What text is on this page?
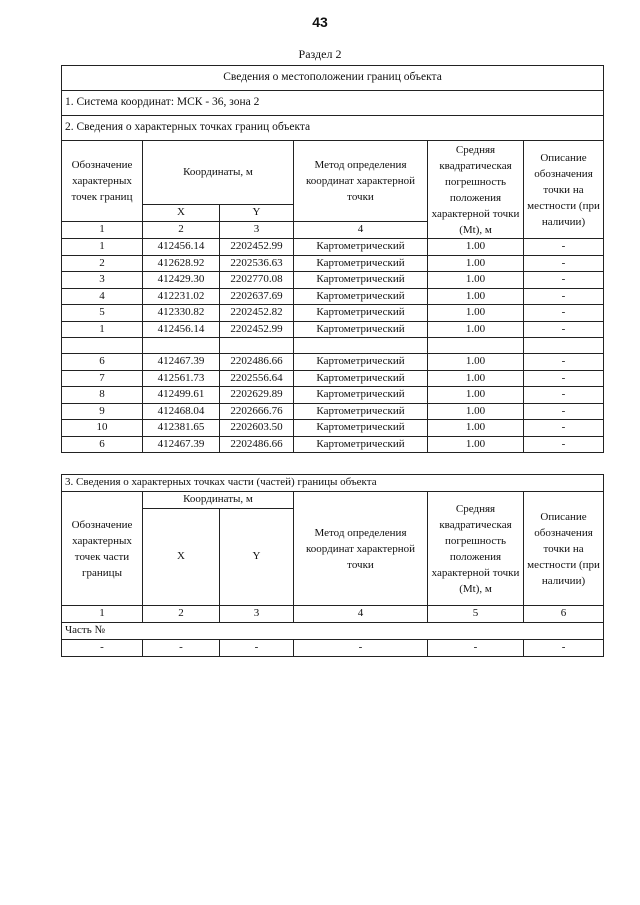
43
Раздел 2
Сведения о местоположении границ объекта						
1. Система координат: МСК - 36, зона 2						
2. Сведения о характерных точках границ объекта						
Обозначение характерных точек границ	Координаты, м		Метод определения координат характерной точки	Средняя квадратическая погрешность положения характерной точки (Mt), м	Описание обозначения точки на местности (при наличии)	
	X	Y				
1	2	3	4		
1	412456.14	2202452.99	Картометрический	1.00	-	
2	412628.92	2202536.63	Картометрический	1.00	-	
3	412429.30	2202770.08	Картометрический	1.00	-	
4	412231.02	2202637.69	Картометрический	1.00	-	
5	412330.82	2202452.82	Картометрический	1.00	-	
1	412456.14	2202452.99	Картометрический	1.00	-	

6	412467.39	2202486.66	Картометрический	1.00	-	
7	412561.73	2202556.64	Картометрический	1.00	-	
8	412499.61	2202629.89	Картометрический	1.00	-	
9	412468.04	2202666.76	Картометрический	1.00	-	
10	412381.65	2202603.50	Картометрический	1.00	-	
6	412467.39	2202486.66	Картометрический	1.00	-	
3. Сведения о характерных точках части (частей) границы объекта					
Обозначение характерных точек части границы	Координаты, м		Метод определения координат характерной точки	Средняя квадратическая погрешность положения характерной точки (Mt), м	Описание обозначения точки на местности (при наличии)
	X	Y			
1	2	3	4	5	6
Часть №					
-	-	-	-	-	-
